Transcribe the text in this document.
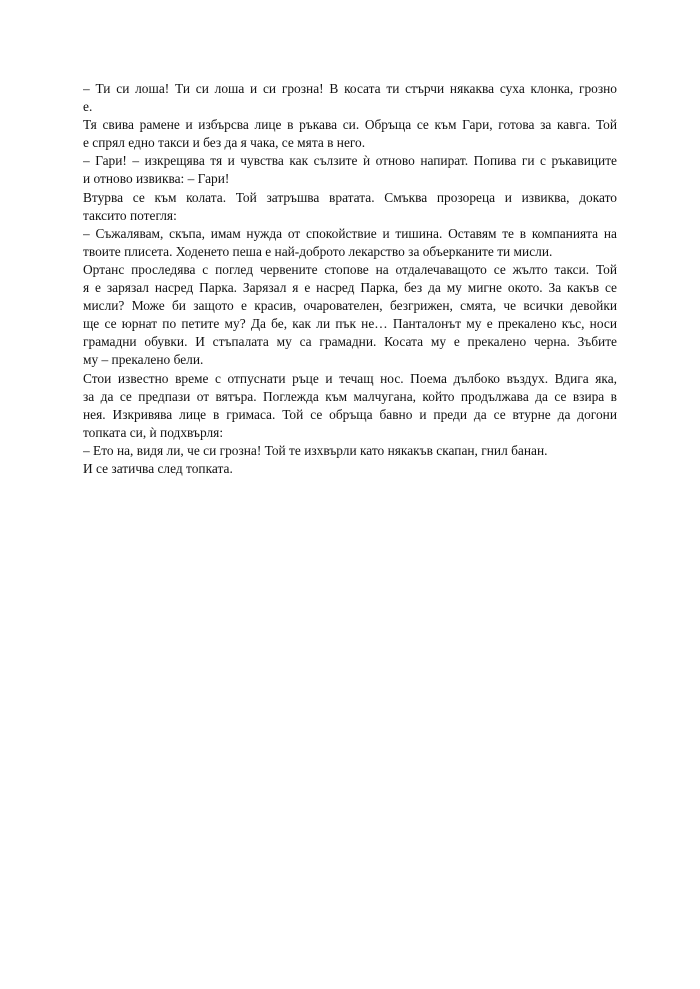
– Ти си лоша! Ти си лоша и си грозна! В косата ти стърчи някаква суха клонка, грозно
е.
Тя свива рамене и избърсва лице в ръкава си. Обръща се към Гари, готова за кавга. Той
е спрял едно такси и без да я чака, се мята в него.
– Гари! – изкрещява тя и чувства как сълзите ѝ отново напират. Попива ги с ръкавиците
и отново извиква: – Гари!
Втурва се към колата. Той затръшва вратата. Смъква прозореца и извиква, докато
таксито потегля:
– Съжалявам, скъпа, имам нужда от спокойствие и тишина. Оставям те в компанията на
твоите плисета. Ходенето пеша е най-доброто лекарство за объерканите ти мисли.
Ортанс проследява с поглед червените стопове на отдалечаващото се жълто такси. Той
я е зарязал насред Парка. Зарязал я е насред Парка, без да му мигне окото. За какъв се
мисли? Може би защото е красив, очарователен, безгрижен, смята, че всички девойки
ще се юрнат по петите му? Да бе, как ли пък не… Панталонът му е прекалено къс, носи
грамадни обувки. И стъпалата му са грамадни. Косата му е прекалено черна. Зъбите
му – прекалено бели.
Стои известно време с отпуснати ръце и течащ нос. Поема дълбоко въздух. Вдига яка,
за да се предпази от вятъра. Поглежда към малчугана, който продължава да се взира в
нея. Изкривява лице в гримаса. Той се обръща бавно и преди да се втурне да догони
топката си, ѝ подхвърля:
– Ето на, видя ли, че си грозна! Той те изхвърли като някакъв скапан, гнил банан.
И се затичва след топката.
